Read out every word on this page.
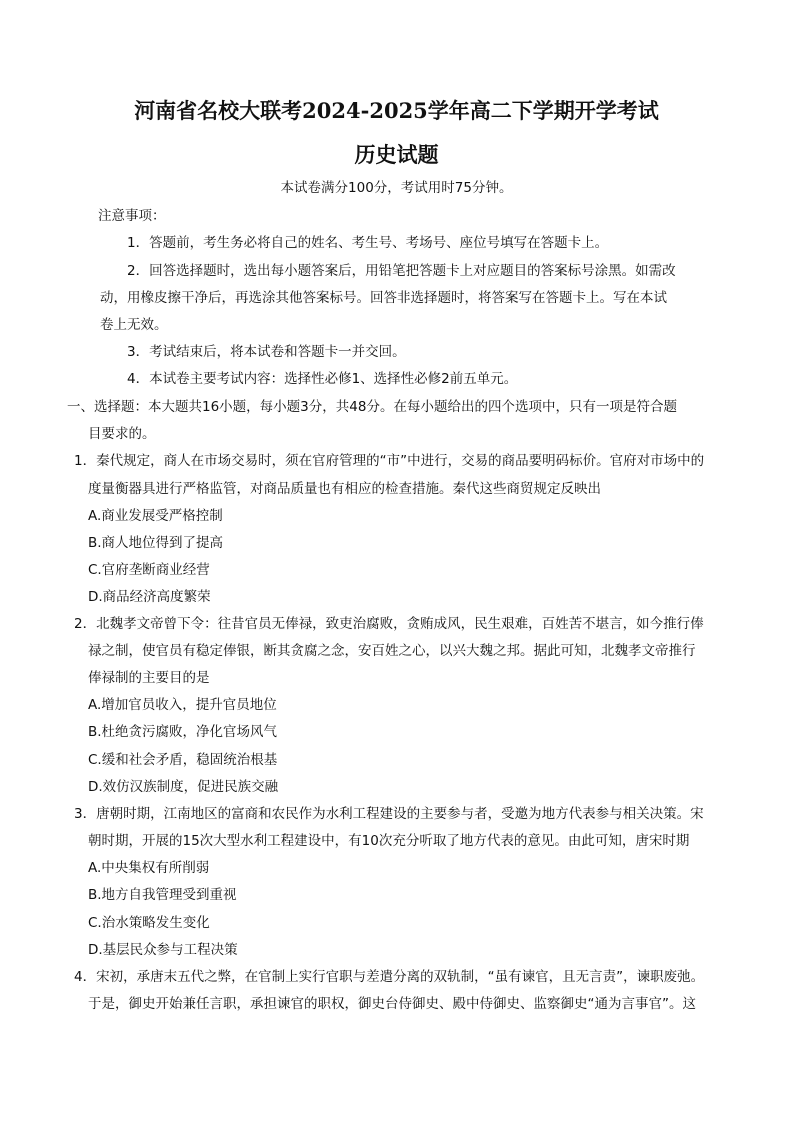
河南省名校大联考2024-2025学年高二下学期开学考试
历史试题
本试卷满分100分，考试用时75分钟。
注意事项：
1．答题前，考生务必将自己的姓名、考生号、考场号、座位号填写在答题卡上。
2．回答选择题时，选出每小题答案后，用铅笔把答题卡上对应题目的答案标号涂黑。如需改
动，用橡皮擦干净后，再选涂其他答案标号。回答非选择题时，将答案写在答题卡上。写在本试
卷上无效。
3．考试结束后，将本试卷和答题卡一并交回。
4．本试卷主要考试内容：选择性必修1、选择性必修2前五单元。
一、选择题：本大题共16小题，每小题3分，共48分。在每小题给出的四个选项中，只有一项是符合题
目要求的。
1．秦代规定，商人在市场交易时，须在官府管理的“市”中进行，交易的商品要明码标价。官府对市场中的
度量衡器具进行严格监管，对商品质量也有相应的检查措施。秦代这些商贸规定反映出
A.商业发展受严格控制
B.商人地位得到了提高
C.官府垄断商业经营
D.商品经济高度繁荣
2．北魏孝文帝曾下令：往昔官员无俸禄，致吏治腐败，贪贿成风，民生艰难，百姓苦不堪言，如今推行俸
禄之制，使官员有稳定俸银，断其贪腐之念，安百姓之心，以兴大魏之邦。据此可知，北魏孝文帝推行
俸禄制的主要目的是
A.增加官员收入，提升官员地位
B.杜绝贪污腐败，净化官场风气
C.缓和社会矛盾，稳固统治根基
D.效仿汉族制度，促进民族交融
3．唐朝时期，江南地区的富商和农民作为水利工程建设的主要参与者，受邀为地方代表参与相关决策。宋
朝时期，开展的15次大型水利工程建设中，有10次充分听取了地方代表的意见。由此可知，唐宋时期
A.中央集权有所削弱
B.地方自我管理受到重视
C.治水策略发生变化
D.基层民众参与工程决策
4．宋初，承唐末五代之弊，在官制上实行官职与差遣分离的双轨制，“虽有谏官，且无言责”，谏职废弛。
于是，御史开始兼任言职，承担谏官的职权，御史台侍御史、殿中侍御史、监察御史“通为言事官”。这
